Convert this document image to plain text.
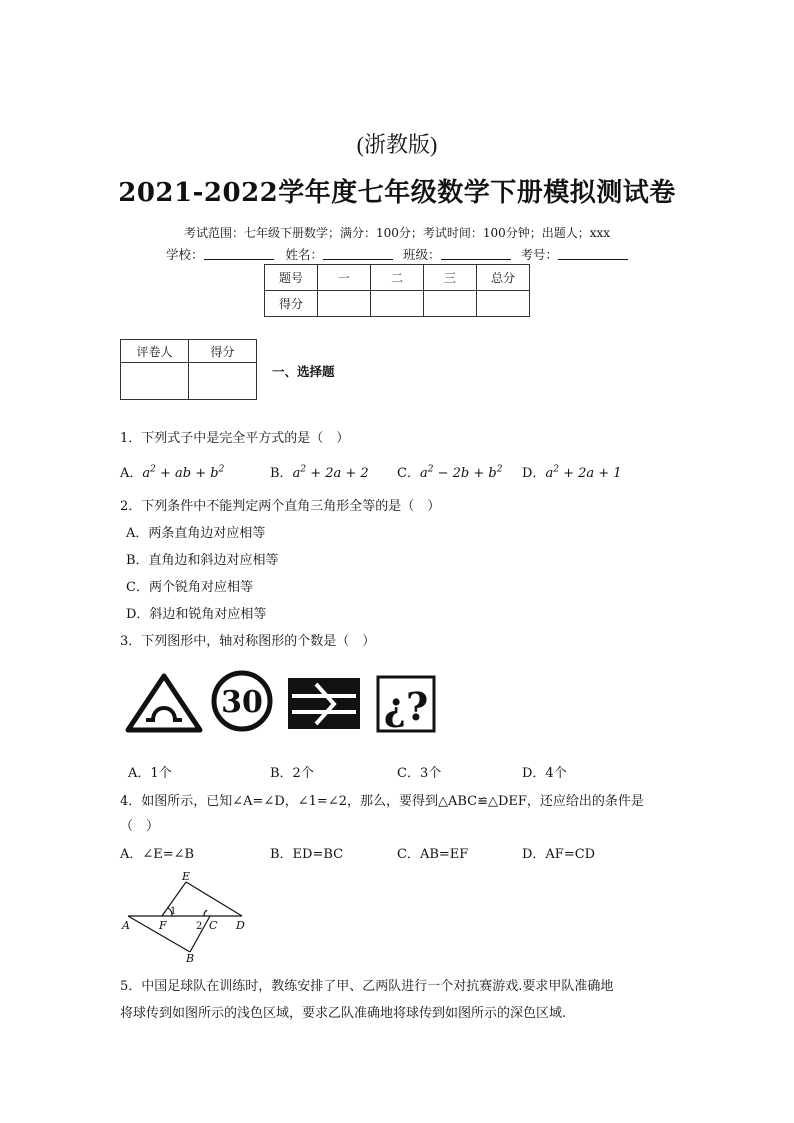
(浙教版)
2021-2022学年度七年级数学下册模拟测试卷
考试范围：七年级下册数学；满分：100分；考试时间：100分钟；出题人；xxx
学校：	姓名：	班级：	考号：
题号	一	二	三	总分
得分				
评卷人	得分

一、选择题
1．下列式子中是完全平方式的是（　）
A．$a^2$ + ab + $b^2$	B．$a^2 + 2a + 2$ C．$a^2 - 2b + b^2$ D．$a^2 + 2a + 1$
2．下列条件中不能判定两个直角三角形全等的是（　）
A．两条直角边对应相等
B．直角边和斜边对应相等
C．两个锐角对应相等
D．斜边和锐角对应相等
3．下列图形中，轴对称图形的个数是（　）
30	¿?
A．1个	B．2个	C．3个	D．4个
4．如图所示，已知∠A=∠D，∠1=∠2，那么，要得到△ABC≌△DEF，还应给出的条件是
（　）
A．∠E=∠B	B．ED=BC	C．AB=EF	D．AF=CD
E
A	F
1
2 C D
B
5．中国足球队在训练时，教练安排了甲、乙两队进行一个对抗赛游戏.要求甲队准确地
将球传到如图所示的浅色区域，要求乙队准确地将球传到如图所示的深色区域.
